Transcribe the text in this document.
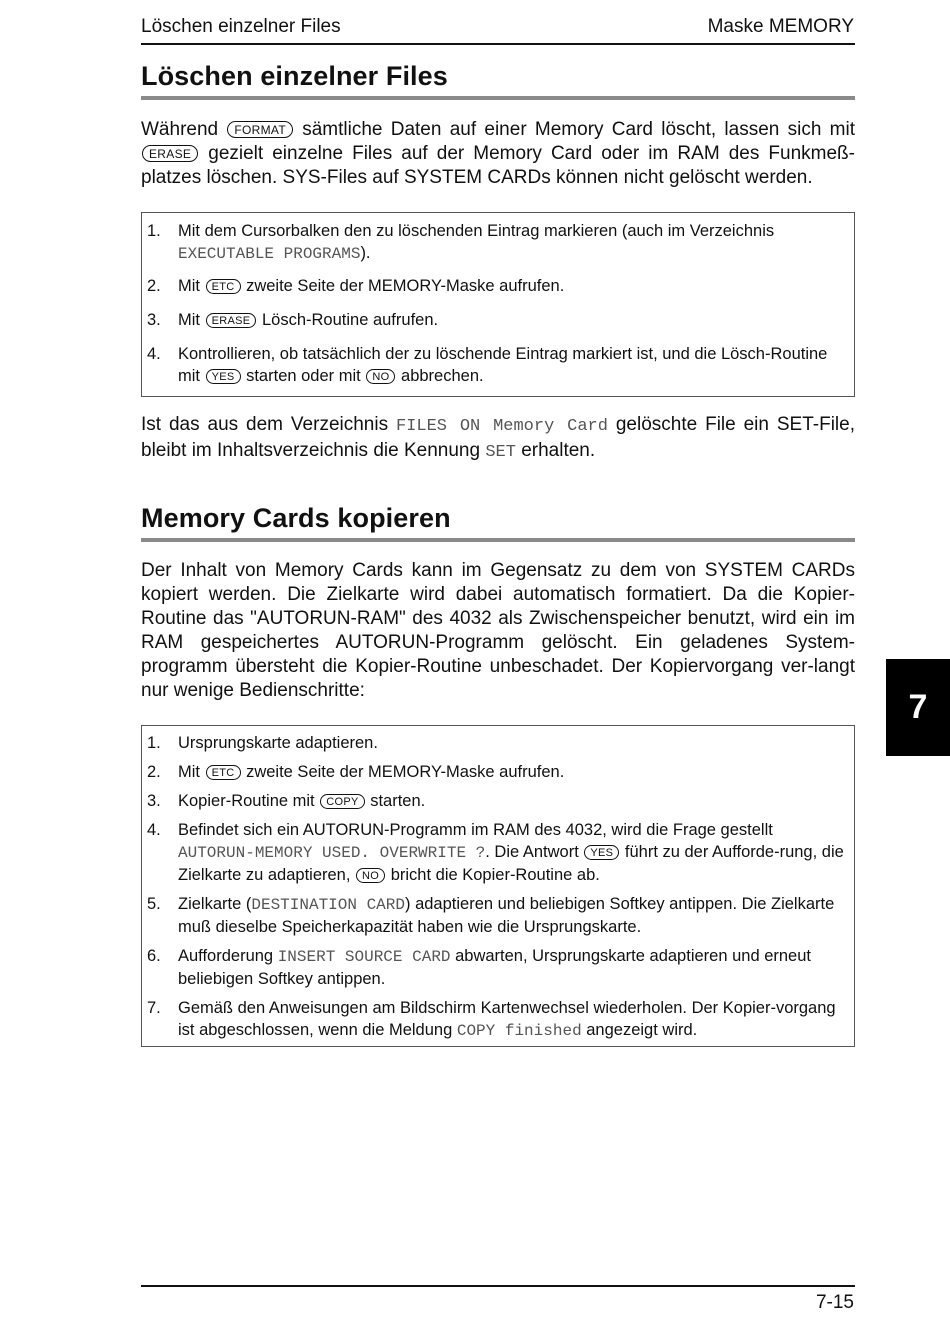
Löschen einzelner Files	Maske MEMORY
Löschen einzelner Files

Während FORMAT sämtliche Daten auf einer Memory Card löscht, lassen sich mit ERASE gezielt einzelne Files auf der Memory Card oder im RAM des Funkmeß-platzes löschen. SYS-Files auf SYSTEM CARDs können nicht gelöscht werden.

1. Mit dem Cursorbalken den zu löschenden Eintrag markieren (auch im Verzeichnis EXECUTABLE PROGRAMS).
2. Mit ETC zweite Seite der MEMORY-Maske aufrufen.
3. Mit ERASE Lösch-Routine aufrufen.
4. Kontrollieren, ob tatsächlich der zu löschende Eintrag markiert ist, und die Lösch-Routine mit YES starten oder mit NO abbrechen.

Ist das aus dem Verzeichnis FILES ON Memory Card gelöschte File ein SET-File, bleibt im Inhaltsverzeichnis die Kennung SET erhalten.

Memory Cards kopieren

Der Inhalt von Memory Cards kann im Gegensatz zu dem von SYSTEM CARDs kopiert werden. Die Zielkarte wird dabei automatisch formatiert. Da die Kopier-Routine das "AUTORUN-RAM" des 4032 als Zwischenspeicher benutzt, wird ein im RAM gespeichertes AUTORUN-Programm gelöscht. Ein geladenes System-programm übersteht die Kopier-Routine unbeschadet. Der Kopiervorgang ver-langt nur wenige Bedienschritte:

1. Ursprungskarte adaptieren.
2. Mit ETC zweite Seite der MEMORY-Maske aufrufen.
3. Kopier-Routine mit COPY starten.
4. Befindet sich ein AUTORUN-Programm im RAM des 4032, wird die Frage gestellt AUTORUN-MEMORY USED. OVERWRITE ?. Die Antwort YES führt zu der Aufforde-rung, die Zielkarte zu adaptieren, NO bricht die Kopier-Routine ab.
5. Zielkarte (DESTINATION CARD) adaptieren und beliebigen Softkey antippen. Die Zielkarte muß dieselbe Speicherkapazität haben wie die Ursprungskarte.
6. Aufforderung INSERT SOURCE CARD abwarten, Ursprungskarte adaptieren und erneut beliebigen Softkey antippen.
7. Gemäß den Anweisungen am Bildschirm Kartenwechsel wiederholen. Der Kopier-vorgang ist abgeschlossen, wenn die Meldung COPY finished angezeigt wird.
7
7-15
